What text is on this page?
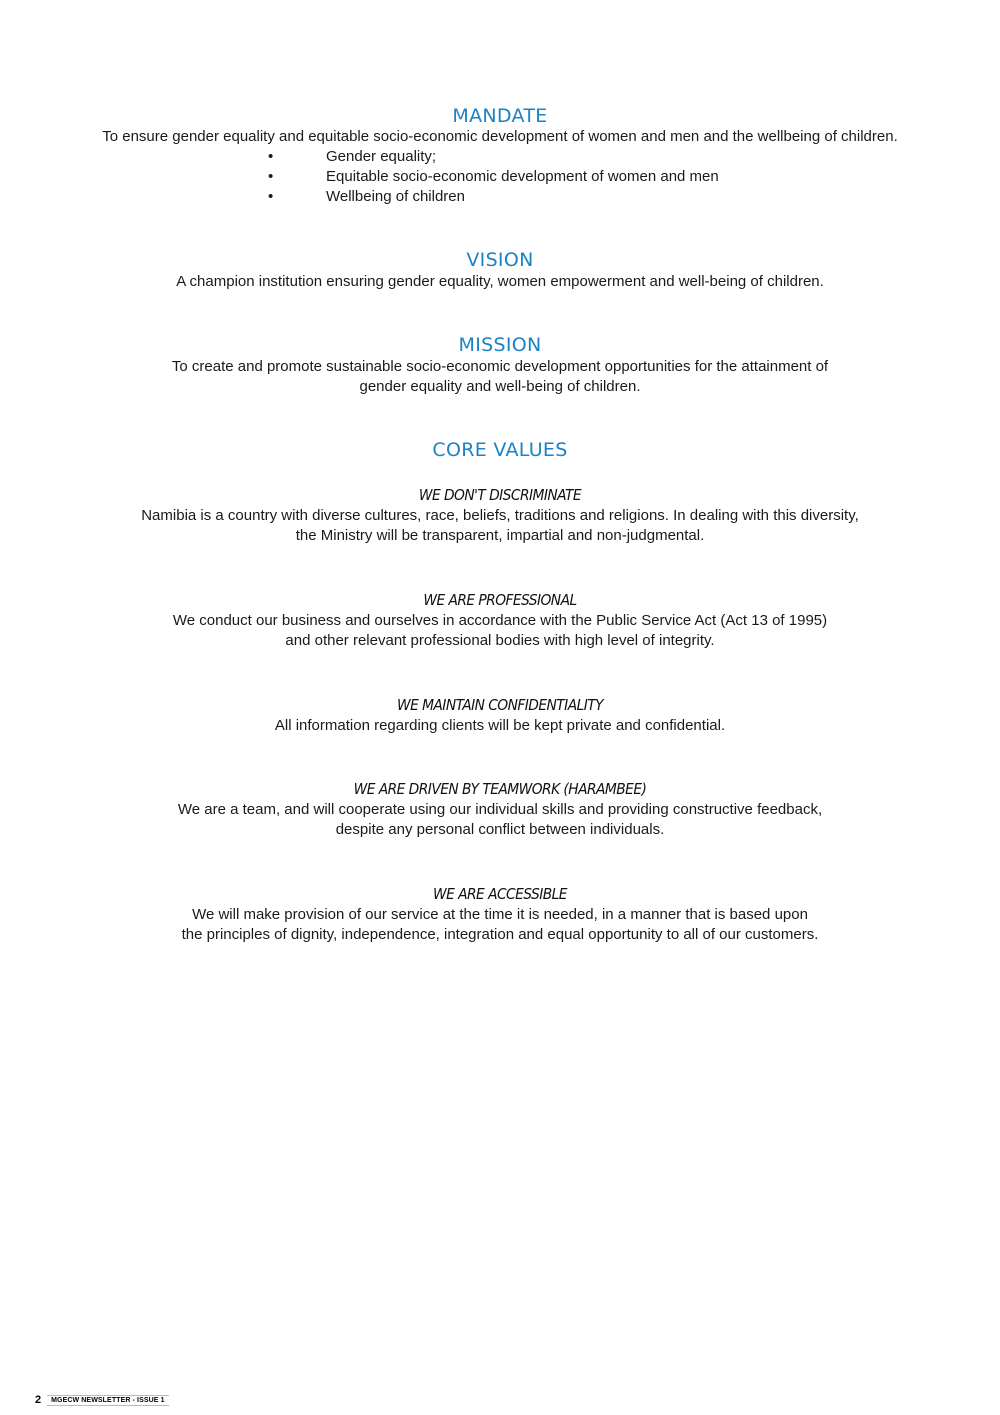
MANDATE

To ensure gender equality and equitable socio-economic development of women and men and the wellbeing of children.

•	Gender equality;
•	Equitable socio-economic development of women and men
•	Wellbeing of children
VISION

A champion institution ensuring gender equality, women empowerment and well-being of children.

MISSION

To create and promote sustainable socio-economic development opportunities for the attainment of
gender equality and well-being of children.

CORE VALUES
WE DON'T DISCRIMINATE

Namibia is a country with diverse cultures, race, beliefs, traditions and religions. In dealing with this diversity,
the Ministry will be transparent, impartial and non-judgmental.

WE ARE PROFESSIONAL

We conduct our business and ourselves in accordance with the Public Service Act (Act 13 of 1995)
and other relevant professional bodies with high level of integrity.

WE MAINTAIN CONFIDENTIALITY

All information regarding clients will be kept private and confidential.

WE ARE DRIVEN BY TEAMWORK (HARAMBEE)

We are a team, and will cooperate using our individual skills and providing constructive feedback,
despite any personal conflict between individuals.

WE ARE ACCESSIBLE

We will make provision of our service at the time it is needed, in a manner that is based upon
the principles of dignity, independence, integration and equal opportunity to all of our customers.

2	MGECW NEWSLETTER - ISSUE 1
